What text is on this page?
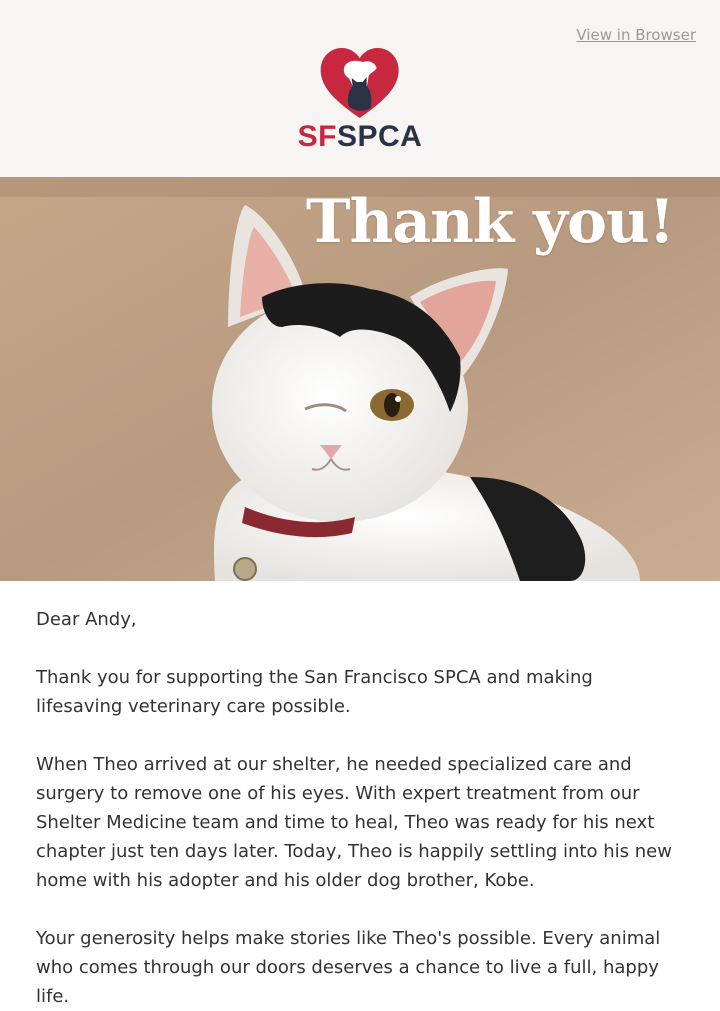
View in Browser
SFSPCA
Thank you!

Dear Andy,

Thank you for supporting the San Francisco SPCA and making lifesaving veterinary care possible.

When Theo arrived at our shelter, he needed specialized care and surgery to remove one of his eyes. With expert treatment from our Shelter Medicine team and time to heal, Theo was ready for his next chapter just ten days later. Today, Theo is happily settling into his new home with his adopter and his older dog brother, Kobe.

Your generosity helps make stories like Theo's possible. Every animal who comes through our doors deserves a chance to live a full, happy life.
